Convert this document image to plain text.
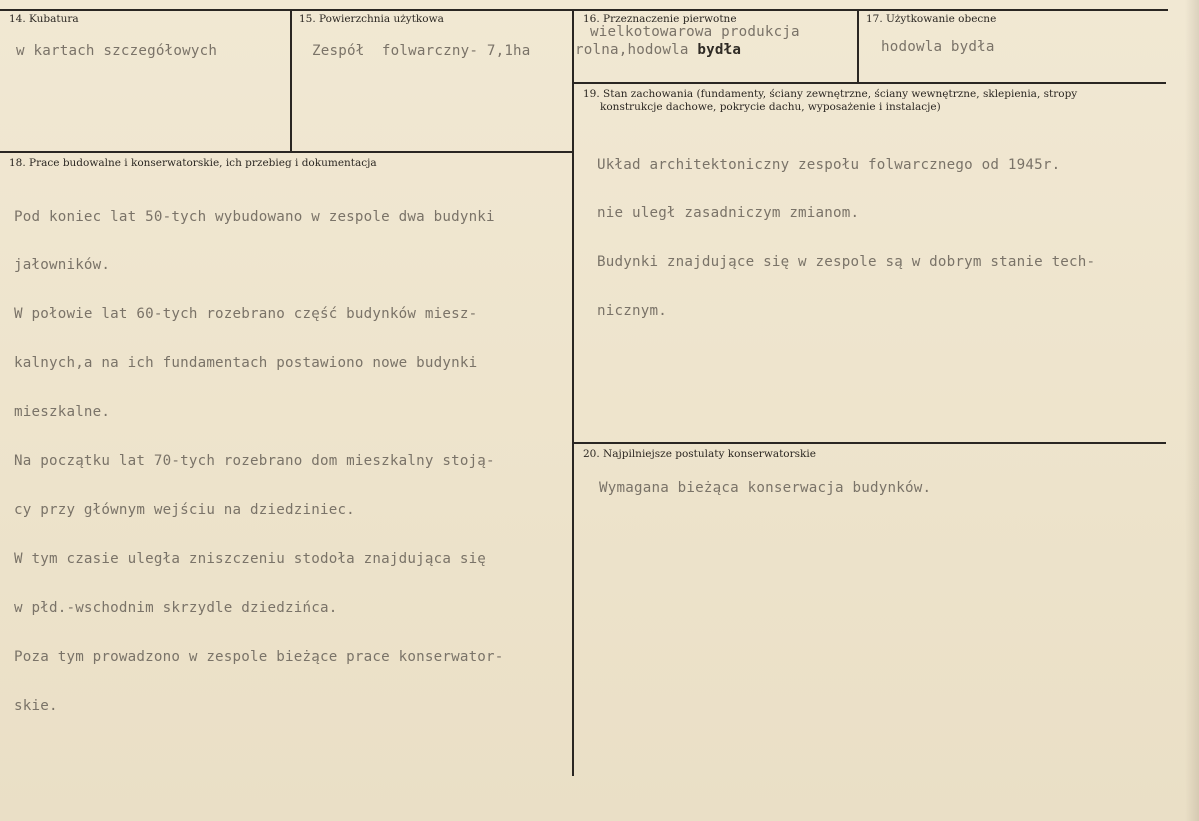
14. Kubatura
w kartach szczegółowych
15. Powierzchnia użytkowa
Zespół  folwarczny- 7,1ha
16. Przeznaczenie pierwotne
wielkotowarowa produkcja
rolna,hodowla bydła
17. Użytkowanie obecne
hodowla bydła
18. Prace budowalne i konserwatorskie, ich przebieg i dokumentacja

Pod koniec lat 50-tych wybudowano w zespole dwa budynki

jałowników.

W połowie lat 60-tych rozebrano część budynków miesz-

kalnych,a na ich fundamentach postawiono nowe budynki

mieszkalne.

Na początku lat 70-tych rozebrano dom mieszkalny stoją-

cy przy głównym wejściu na dziedziniec.

W tym czasie uległa zniszczeniu stodoła znajdująca się

w płd.-wschodnim skrzydle dziedzińca.

Poza tym prowadzono w zespole bieżące prace konserwator-

skie.

19. Stan zachowania (fundamenty, ściany zewnętrzne, ściany wewnętrzne, sklepienia, stropy
konstrukcje dachowe, pokrycie dachu, wyposażenie i instalacje)

Układ architektoniczny zespołu folwarcznego od 1945r.

nie uległ zasadniczym zmianom.

Budynki znajdujące się w zespole są w dobrym stanie tech-

nicznym.

20. Najpilniejsze postulaty konserwatorskie
Wymagana bieżąca konserwacja budynków.
